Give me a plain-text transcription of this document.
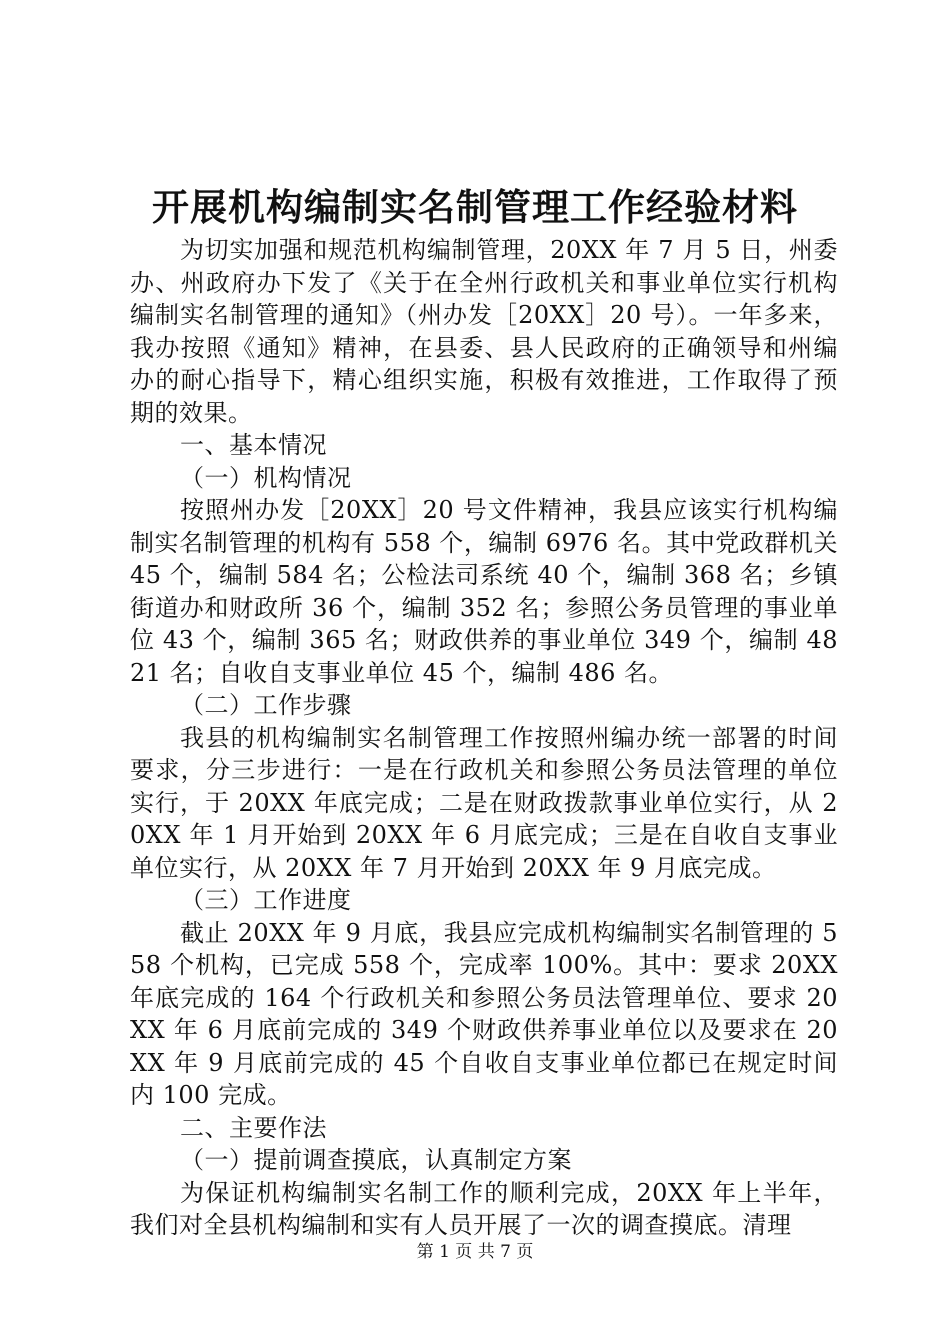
开展机构编制实名制管理工作经验材料

为切实加强和规范机构编制管理，20XX 年 7 月 5 日，州委办、州政府办下发了《关于在全州行政机关和事业单位实行机构编制实名制管理的通知》（州办发［20XX］20 号）。一年多来，我办按照《通知》精神，在县委、县人民政府的正确领导和州编办的耐心指导下，精心组织实施，积极有效推进，工作取得了预期的效果。

一、基本情况

（一）机构情况

按照州办发［20XX］20 号文件精神，我县应该实行机构编制实名制管理的机构有 558 个，编制 6976 名。其中党政群机关 45 个，编制 584 名；公检法司系统 40 个，编制 368 名；乡镇街道办和财政所 36 个，编制 352 名；参照公务员管理的事业单位 43 个，编制 365 名；财政供养的事业单位 349 个，编制 4821 名；自收自支事业单位 45 个，编制 486 名。

（二）工作步骤

我县的机构编制实名制管理工作按照州编办统一部署的时间要求，分三步进行：一是在行政机关和参照公务员法管理的单位实行，于 20XX 年底完成；二是在财政拨款事业单位实行，从 20XX 年 1 月开始到 20XX 年 6 月底完成；三是在自收自支事业单位实行，从 20XX 年 7 月开始到 20XX 年 9 月底完成。

（三）工作进度

截止 20XX 年 9 月底，我县应完成机构编制实名制管理的 558 个机构，已完成 558 个，完成率 100%。其中：要求 20XX 年底完成的 164 个行政机关和参照公务员法管理单位、要求 20XX 年 6 月底前完成的 349 个财政供养事业单位以及要求在 20XX 年 9 月底前完成的 45 个自收自支事业单位都已在规定时间内 100 完成。

二、主要作法

（一）提前调查摸底，认真制定方案

为保证机构编制实名制工作的顺利完成，20XX 年上半年，我们对全县机构编制和实有人员开展了一次的调查摸底。清理

第 1 页 共 7 页
